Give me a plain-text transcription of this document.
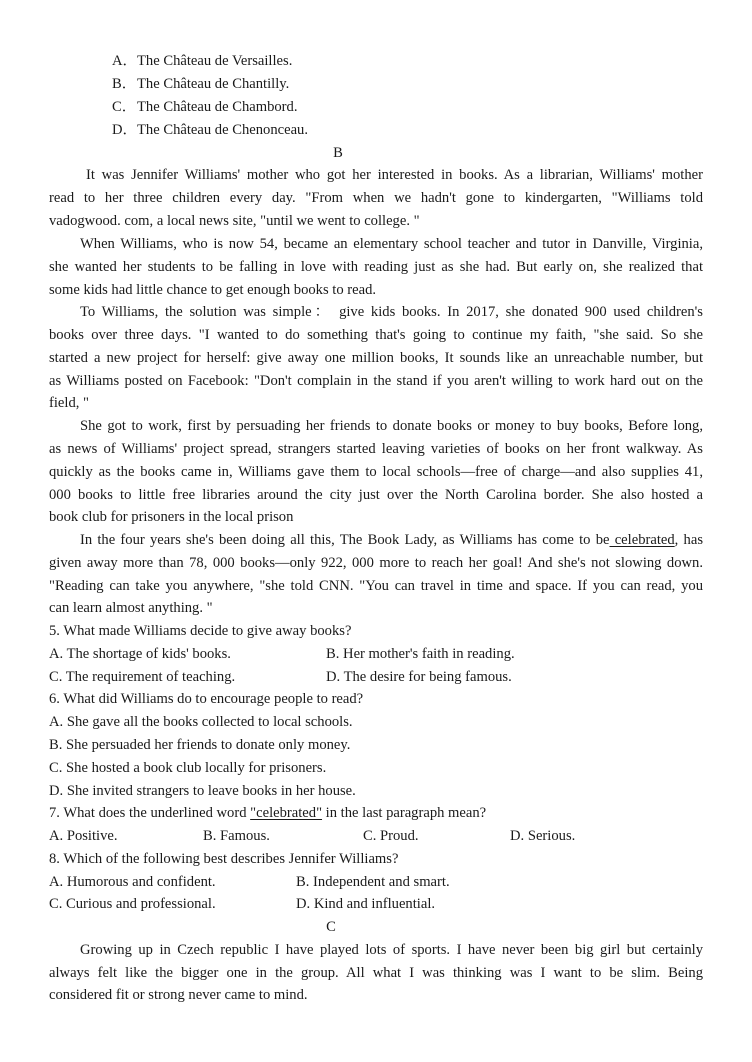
A．The Château de Versailles.
B．The Château de Chantilly.
C．The Château de Chambord.
D．The Château de Chenonceau.
B
It was Jennifer Williams' mother who got her interested in books. As a librarian, Williams' mother
read to her three children every day. "From when we hadn't gone to kindergarten, "Williams told
vadogwood. com, a local news site, "until we went to college. "
When Williams, who is now 54, became an elementary school teacher and tutor in Danville, Virginia,
she wanted her students to be falling in love with reading just as she had. But early on, she realized that
some kids had little chance to get enough books to read.
To Williams, the solution was simple： give kids books. In 2017, she donated 900 used children's
books over three days. "I wanted to do something that's going to continue my faith, "she said. So she
started a new project for herself: give away one million books, It sounds like an unreachable number, but
as Williams posted on Facebook: "Don't complain in the stand if you aren't willing to work hard out on the
field, "
She got to work, first by persuading her friends to donate books or money to buy books, Before long,
as news of Williams' project spread, strangers started leaving varieties of books on her front walkway. As
quickly as the books came in, Williams gave them to local schools—free of charge—and also supplies 41,
000 books to little free libraries around the city just over the North Carolina border. She also hosted a
book club for prisoners in the local prison
In the four years she's been doing all this, The Book Lady, as Williams has come to be celebrated, has
given away more than 78, 000 books—only 922, 000 more to reach her goal! And she's not slowing down.
"Reading can take you anywhere, "she told CNN. "You can travel in time and space. If you can read, you
can learn almost anything. "
5. What made Williams decide to give away books?
A. The shortage of kids' books.	B. Her mother's faith in reading.
C. The requirement of teaching.	D. The desire for being famous.
6. What did Williams do to encourage people to read?
A. She gave all the books collected to local schools.
B. She persuaded her friends to donate only money.
C. She hosted a book club locally for prisoners.
D. She invited strangers to leave books in her house.
7. What does the underlined word "celebrated" in the last paragraph mean?
A. Positive.	B. Famous.	C. Proud.	D. Serious.
8. Which of the following best describes Jennifer Williams?
A. Humorous and confident.	B. Independent and smart.
C. Curious and professional.	D. Kind and influential.
C
Growing up in Czech republic I have played lots of sports. I have never been big girl but certainly
always felt like the bigger one in the group. All what I was thinking was I want to be slim. Being
considered fit or strong never came to mind.
